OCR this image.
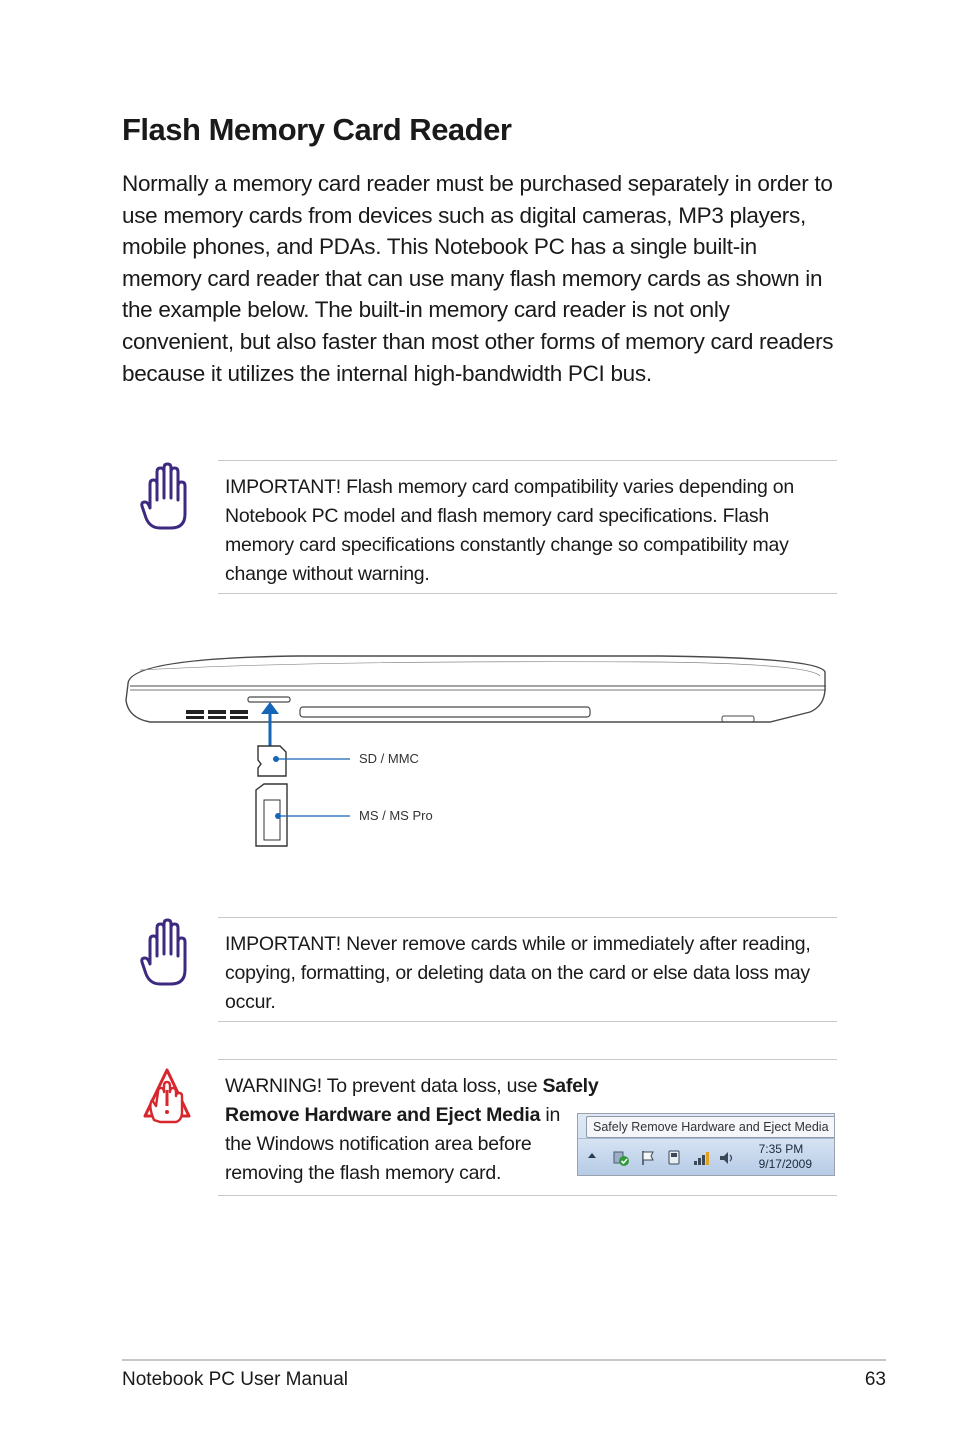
Flash Memory Card Reader

Normally a memory card reader must be purchased separately in order to use memory cards from devices such as digital cameras, MP3 players, mobile phones, and PDAs. This Notebook PC has a single built-in memory card reader that can use many flash memory cards as shown in the example below. The built-in memory card reader is not only convenient, but also faster than most other forms of memory card readers because it utilizes the internal high-bandwidth PCI bus.

IMPORTANT! Flash memory card compatibility varies depending on Notebook PC model and flash memory card specifications. Flash memory card specifications constantly change so compatibility may change without warning.

SD / MMC
MS / MS Pro

IMPORTANT! Never remove cards while or immediately after reading, copying, formatting, or deleting data on the card or else data loss may occur.

WARNING! To prevent data loss, use Safely Remove Hardware and Eject Media in the Windows notification area before removing the flash memory card.

Safely Remove Hardware and Eject Media
7:35 PM
9/17/2009
Notebook PC User Manual	63
